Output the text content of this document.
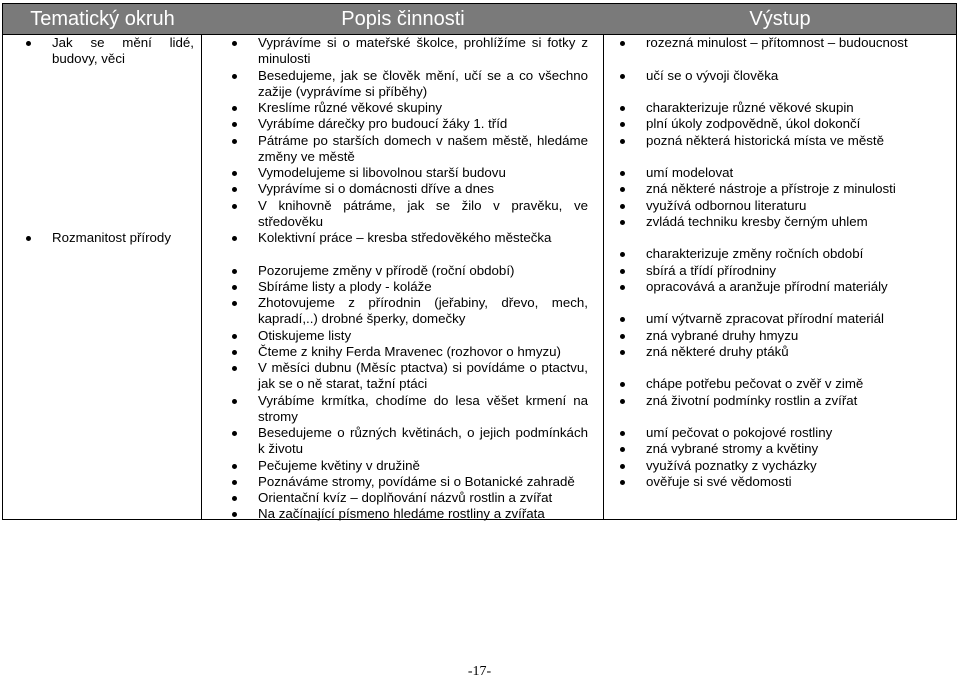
Tematický okruh	Popis činnosti	Výstup
Jak se mění lidé, budovy, věci
Rozmanitost přírody
Vyprávíme si o mateřské školce, prohlížíme si fotky z minulosti
Besedujeme, jak se člověk mění, učí se a co všechno zažije (vyprávíme si příběhy)
Kreslíme různé věkové skupiny
Vyrábíme dárečky pro budoucí žáky 1. tříd
Pátráme po starších domech v našem městě, hledáme změny ve městě
Vymodelujeme si libovolnou starší budovu
Vyprávíme si o domácnosti dříve a dnes
V knihovně pátráme, jak se žilo v pravěku, ve středověku
Kolektivní práce – kresba středověkého městečka
Pozorujeme změny v přírodě (roční období)
Sbíráme listy a plody - koláže
Zhotovujeme z přírodnin (jeřabiny, dřevo, mech, kapradí,..) drobné šperky, domečky
Otiskujeme listy
Čteme z knihy Ferda Mravenec (rozhovor o hmyzu)
V měsíci dubnu (Měsíc ptactva) si povídáme o ptactvu, jak se o ně starat, tažní ptáci
Vyrábíme krmítka, chodíme do lesa věšet krmení na stromy
Besedujeme o různých květinách, o jejich podmínkách k životu
Pečujeme květiny v družině
Poznáváme stromy, povídáme si o Botanické zahradě
Orientační kvíz – doplňování názvů rostlin a zvířat
Na začínající písmeno hledáme rostliny a zvířata
rozezná minulost – přítomnost – budoucnost
učí se o vývoji člověka
charakterizuje různé věkové skupin
plní úkoly zodpovědně, úkol dokončí
pozná některá historická místa ve městě
umí modelovat
zná některé nástroje a přístroje z minulosti
využívá odbornou literaturu
zvládá techniku kresby černým uhlem
charakterizuje změny ročních období
sbírá a třídí přírodniny
opracovává a aranžuje přírodní materiály
umí výtvarně zpracovat přírodní materiál
zná vybrané druhy hmyzu
zná některé druhy ptáků
chápe potřebu pečovat o zvěř v zimě
zná životní podmínky rostlin a zvířat
umí pečovat o pokojové rostliny
zná vybrané stromy a květiny
využívá poznatky z vycházky
ověřuje si své vědomosti
-17-
